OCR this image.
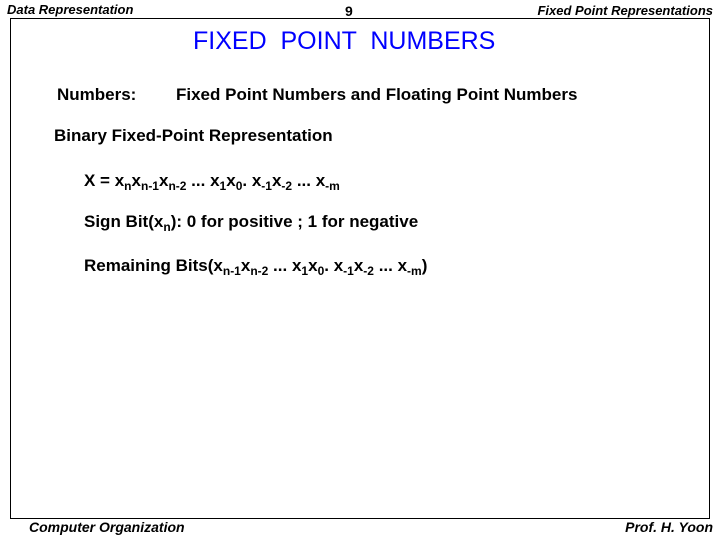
Data Representation	9	Fixed Point Representations
FIXED  POINT  NUMBERS
Numbers: Fixed Point Numbers and Floating Point Numbers
Binary Fixed-Point Representation
$X = x_nx_{n-1}x_{n-2}$ ... $x_1x_0$. $x_{-1}x_{-2}$ ... $x_{-m}$
Sign $Bit(x_n)$: 0 for positive ; 1 for negative
Remaining $Bits(x_{n-1}x_{n-2}$ ... $x_1x_0$. $x_{-1}x_{-2}$ ... $x_{-m}$)
Computer Organization	Prof. H. Yoon
